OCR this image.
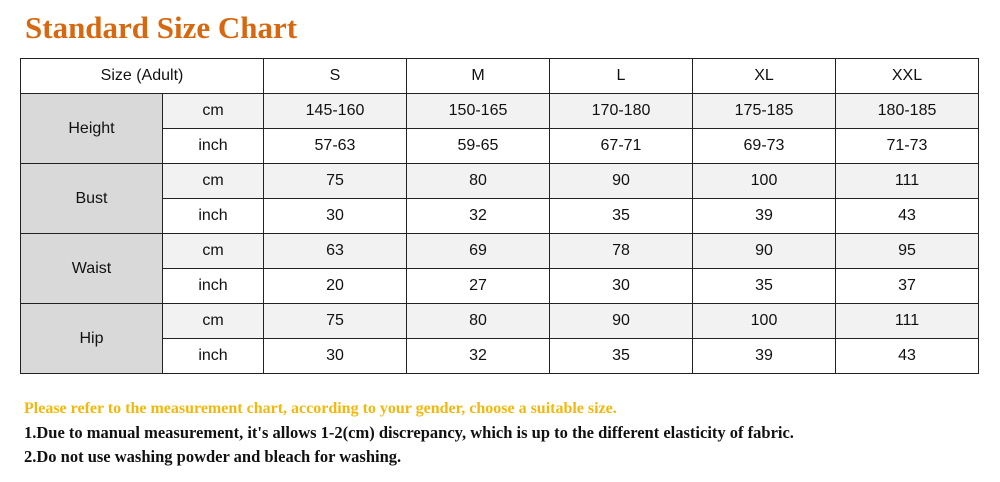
Standard Size Chart
Size (Adult)		S	M	L	XL	XXL
Height	cm	145-160	150-165	170-180	175-185	180-185
	inch	57-63	59-65	67-71	69-73	71-73
Bust	cm	75	80	90	100	111
	inch	30	32	35	39	43
Waist	cm	63	69	78	90	95
	inch	20	27	30	35	37
Hip	cm	75	80	90	100	111
	inch	30	32	35	39	43
Please refer to the measurement chart, according to your gender, choose a suitable size.
1.Due to manual measurement, it's allows 1-2(cm) discrepancy, which is up to the different elasticity of fabric.
2.Do not use washing powder and bleach for washing.
